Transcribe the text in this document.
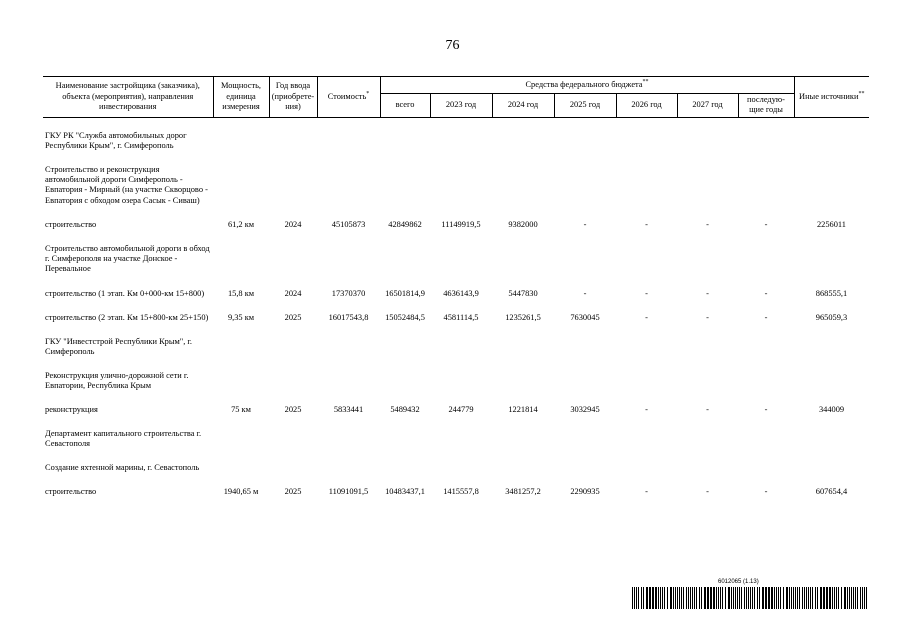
76
Наименование застройщика (заказчика), объекта (мероприятия), направления инвестирования	Мощность, единица измерения	Год ввода (приобрете-ния)	Стоимость*	Средства федерального бюджета**							Иные источники**
				всего	2023 год	2024 год	2025 год	2026 год	2027 год	последую-щие годы	
ГКУ РК "Служба автомобильных дорог Республики Крым", г. Симферополь											
Строительство и реконструкция автомобильной дороги Симферополь - Евпатория - Мирный (на участке Скворцово - Евпатория с обходом озера Сасык - Сиваш)											
строительство	61,2 км	2024	45105873	42849862	11149919,5	9382000	-	-	-	-	2256011
Строительство автомобильной дороги в обход г. Симферополя на участке Донское - Перевальное											
строительство (1 этап. Км 0+000-км 15+800)	15,8 км	2024	17370370	16501814,9	4636143,9	5447830	-	-	-	-	868555,1
строительство (2 этап. Км 15+800-км 25+150)	9,35 км	2025	16017543,8	15052484,5	4581114,5	1235261,5	7630045	-	-	-	965059,3
ГКУ "Инвестстрой Республики Крым", г. Симферополь											
Реконструкция улично-дорожной сети г. Евпатории, Республика Крым											
реконструкция	75 км	2025	5833441	5489432	244779	1221814	3032945	-	-	-	344009
Департамент капитального строительства г. Севастополя											
Создание яхтенной марины, г. Севастополь											
строительство	1940,65 м	2025	11091091,5	10483437,1	1415557,8	3481257,2	2290935	-	-	-	607654,4
6012065 (1.13)
